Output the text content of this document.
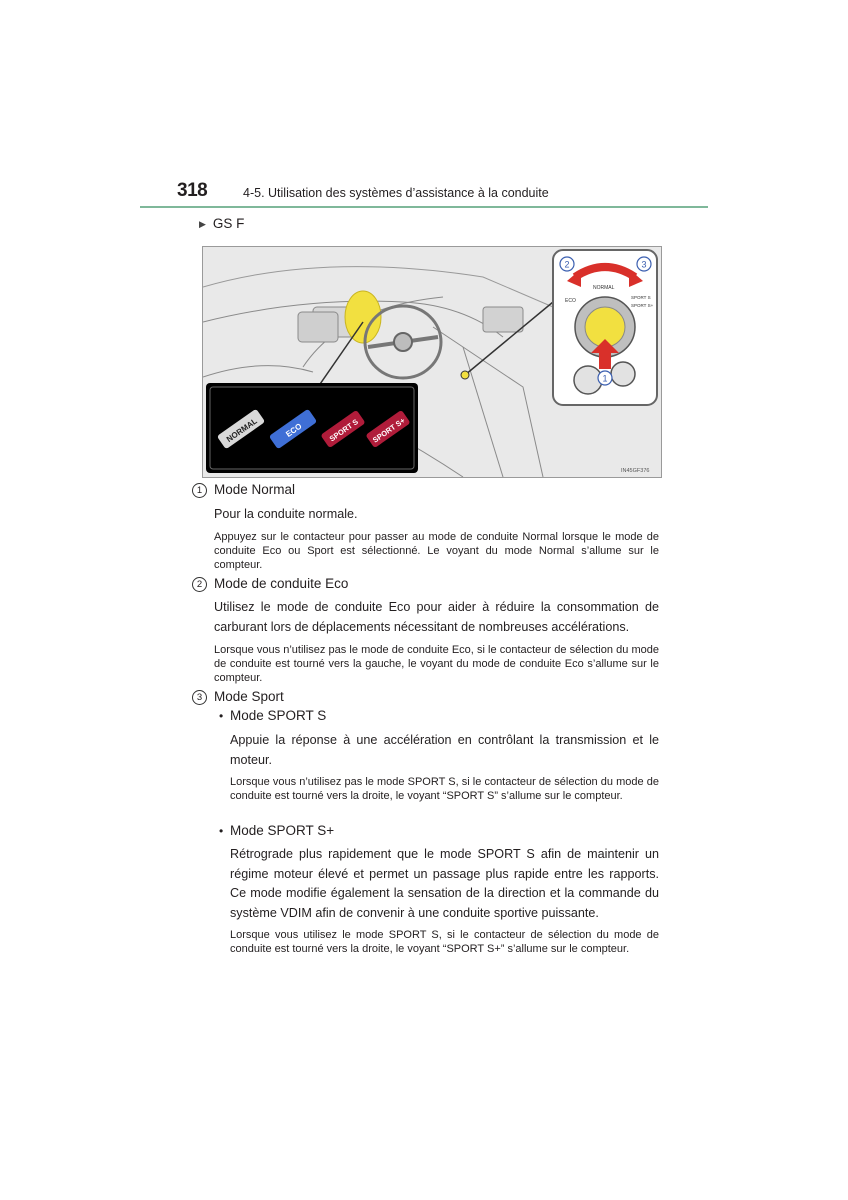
318	4-5. Utilisation des systèmes d’assistance à la conduite
▶ GS F
NORMAL	ECO	SPORT S SPORT S+
ECO
NORMAL
SPORT S
SPORT S+
2	3
1
IN45GF376
1 Mode Normal
Pour la conduite normale.
Appuyez sur le contacteur pour passer au mode de conduite Normal lorsque le mode de conduite Eco ou Sport est sélectionné. Le voyant du mode Normal s’allume sur le compteur.
2 Mode de conduite Eco
Utilisez le mode de conduite Eco pour aider à réduire la consommation de carburant lors de déplacements nécessitant de nombreuses accélérations.
Lorsque vous n’utilisez pas le mode de conduite Eco, si le contacteur de sélection du mode de conduite est tourné vers la gauche, le voyant du mode de conduite Eco s’allume sur le compteur.
3 Mode Sport
• Mode SPORT S
Appuie la réponse à une accélération en contrôlant la transmission et le moteur.
Lorsque vous n’utilisez pas le mode SPORT S, si le contacteur de sélection du mode de conduite est tourné vers la droite, le voyant “SPORT S” s’allume sur le compteur.
• Mode SPORT S+
Rétrograde plus rapidement que le mode SPORT S afin de maintenir un régime moteur élevé et permet un passage plus rapide entre les rapports. Ce mode modifie également la sensation de la direction et la commande du système VDIM afin de convenir à une conduite sportive puissante.
Lorsque vous utilisez le mode SPORT S, si le contacteur de sélection du mode de conduite est tourné vers la droite, le voyant “SPORT S+” s’allume sur le compteur.
